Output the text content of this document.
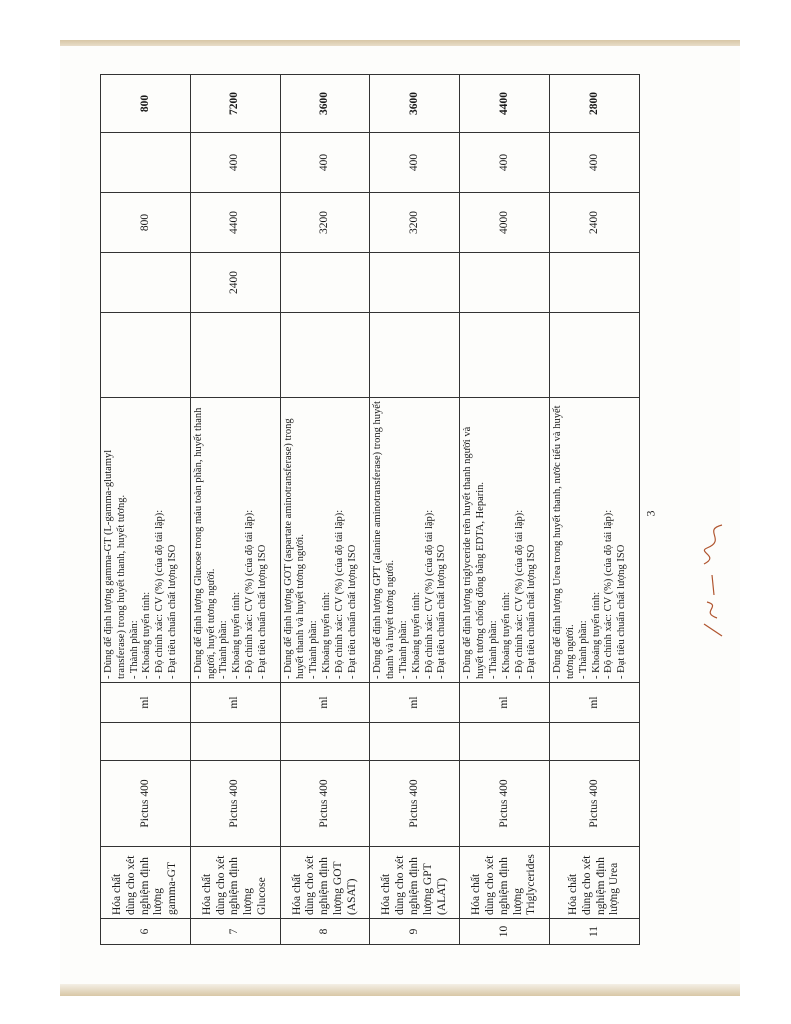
6	Hóa chất dùng cho xét nghiệm định lượng gamma-GT	Pictus 400		ml	- Dùng để định lượng gamma-GT (L-gamma-glutamyl transferase) trong huyết thanh, huyết tương. - Thành phần: - Khoảng tuyến tính: - Độ chính xác: CV (%) (của độ tái lập): - Đạt tiêu chuẩn chất lượng ISO			800		800
7	Hóa chất dùng cho xét nghiệm định lượng Glucose	Pictus 400		ml	- Dùng để định lượng Glucose trong máu toàn phần, huyết thanh người, huyết tương người. - Thành phần: - Khoảng tuyến tính: - Độ chính xác: CV (%) (của độ tái lập): - Đạt tiêu chuẩn chất lượng ISO		2400	4400	400	7200
8	Hóa chất dùng cho xét nghiệm định lượng GOT (ASAT)	Pictus 400		ml	- Dùng để định lượng GOT (aspartate aminotransferase) trong huyết thanh và huyết tương người. - Thành phần: - Khoảng tuyến tính: - Độ chính xác: CV (%) (của độ tái lập): - Đạt tiêu chuẩn chất lượng ISO			3200	400	3600
9	Hóa chất dùng cho xét nghiệm định lượng GPT (ALAT)	Pictus 400		ml	- Dùng để định lượng GPT (alanine aminotransferase) trong huyết thanh và huyết tương người. - Thành phần: - Khoảng tuyến tính: - Độ chính xác: CV (%) (của độ tái lập): - Đạt tiêu chuẩn chất lượng ISO			3200	400	3600
10	Hóa chất dùng cho xét nghiệm định lượng Triglycerides	Pictus 400		ml	- Dùng để định lượng triglyceride trên huyết thanh người và huyết tương chống đông bằng EDTA, Heparin. - Thành phần: - Khoảng tuyến tính: - Độ chính xác: CV (%) (của độ tái lập): - Đạt tiêu chuẩn chất lượng ISO			4000	400	4400
11	Hóa chất dùng cho xét nghiệm định lượng Urea	Pictus 400		ml	- Dùng để định lượng Urea trong huyết thanh, nước tiểu và huyết tương người. - Thành phần: - Khoảng tuyến tính: - Độ chính xác: CV (%) (của độ tái lập): - Đạt tiêu chuẩn chất lượng ISO			2400	400	2800
3
